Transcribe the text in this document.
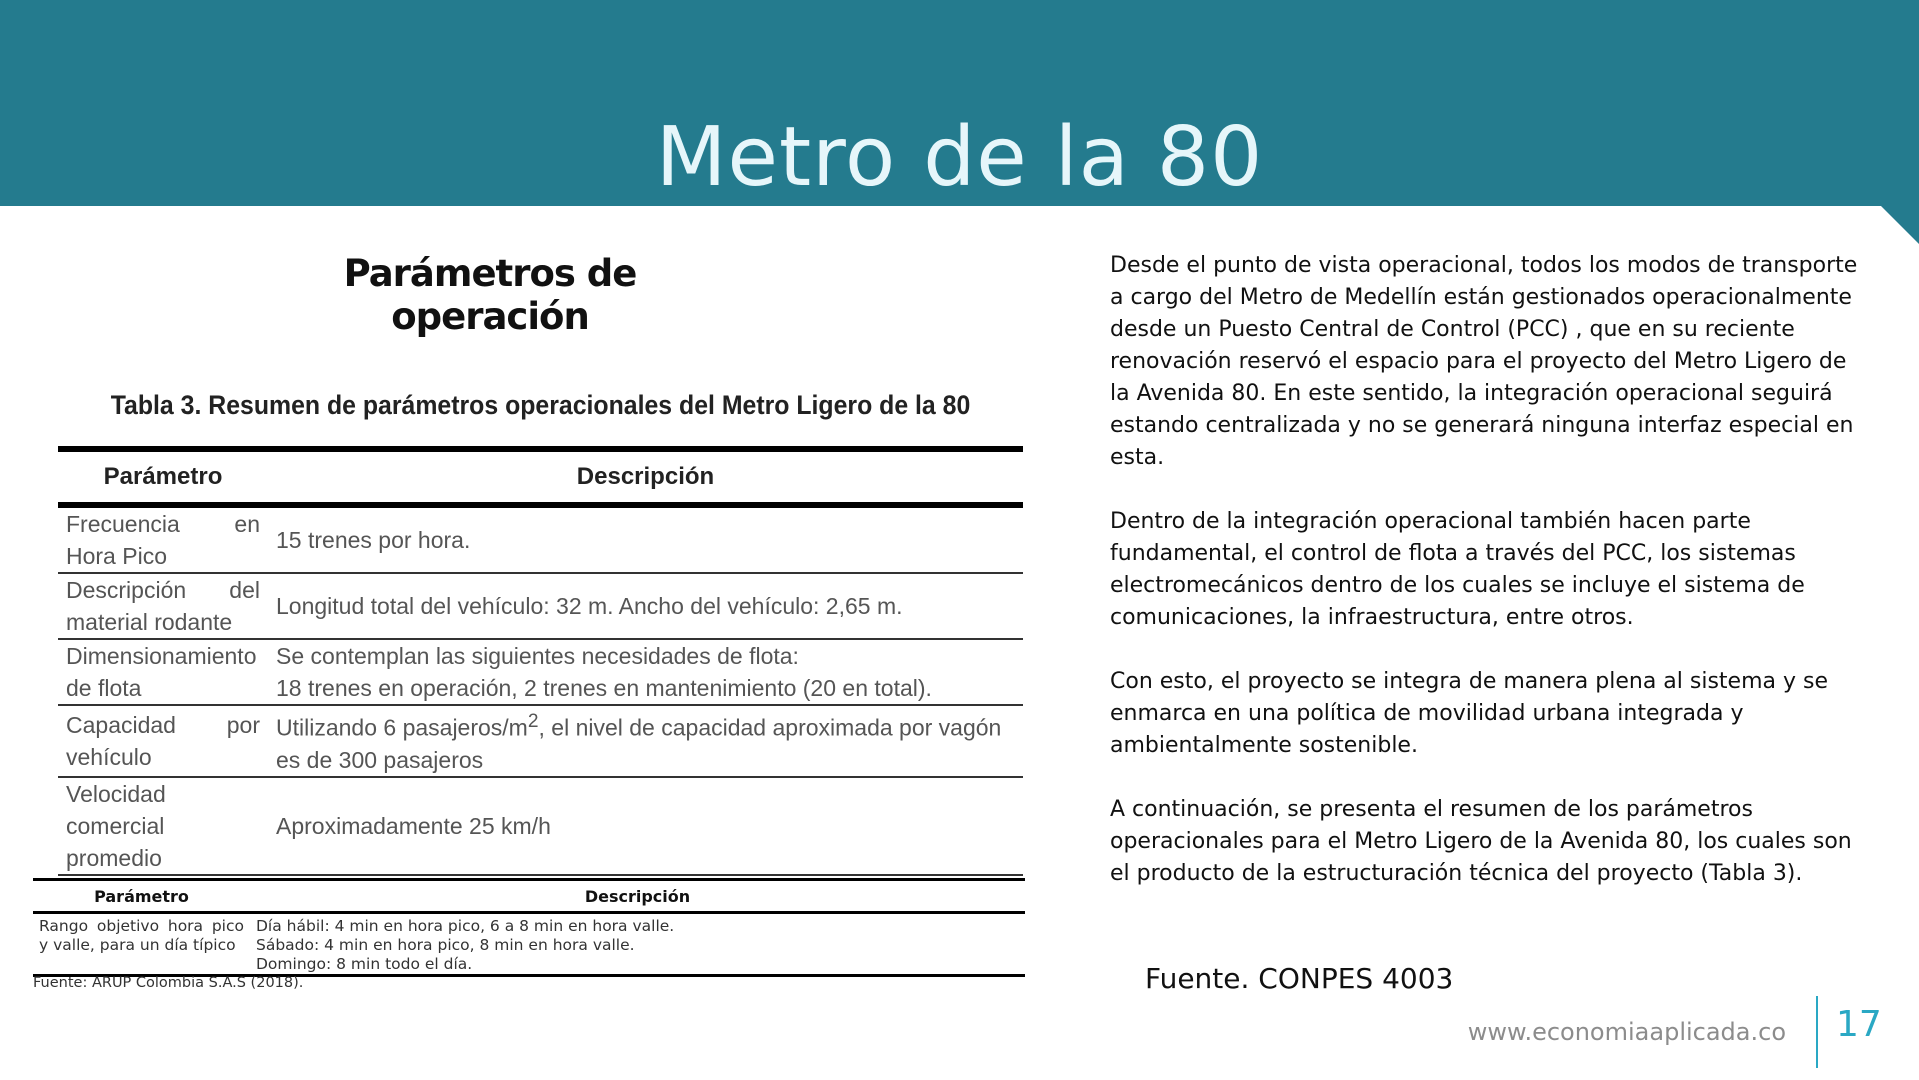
Metro de la 80
Parámetros de operación
Tabla 3. Resumen de parámetros operacionales del Metro Ligero de la 80
Parámetro	Descripción
Frecuencia en Hora Pico	15 trenes por hora.
Descripción del material rodante	Longitud total del vehículo: 32 m. Ancho del vehículo: 2,65 m.
Dimensionamiento de flota	Se contemplan las siguientes necesidades de flota:
18 trenes en operación, 2 trenes en mantenimiento (20 en total).
Capacidad por vehículo	Utilizando 6 pasajeros/$m^2$, el nivel de capacidad aproximada por vagón es de 300 pasajeros
Velocidad comercial promedio	Aproximadamente 25 km/h
Parámetro	Descripción
Rango objetivo hora pico y valle, para un día típico	Día hábil: 4 min en hora pico, 6 a 8 min en hora valle.
Sábado: 4 min en hora pico, 8 min en hora valle.
Domingo: 8 min todo el día.
Fuente: ARUP Colombia S.A.S (2018).

Desde el punto de vista operacional, todos los modos de transporte a cargo del Metro de Medellín están gestionados operacionalmente desde un Puesto Central de Control (PCC) , que en su reciente renovación reservó el espacio para el proyecto del Metro Ligero de la Avenida 80. En este sentido, la integración operacional seguirá estando centralizada y no se generará ninguna interfaz especial en esta.

Dentro de la integración operacional también hacen parte fundamental, el control de flota a través del PCC, los sistemas electromecánicos dentro de los cuales se incluye el sistema de comunicaciones, la infraestructura, entre otros.

Con esto, el proyecto se integra de manera plena al sistema y se enmarca en una política de movilidad urbana integrada y ambientalmente sostenible.

A continuación, se presenta el resumen de los parámetros operacionales para el Metro Ligero de la Avenida 80, los cuales son el producto de la estructuración técnica del proyecto (Tabla 3).

Fuente. CONPES 4003
www.economiaaplicada.co 17
